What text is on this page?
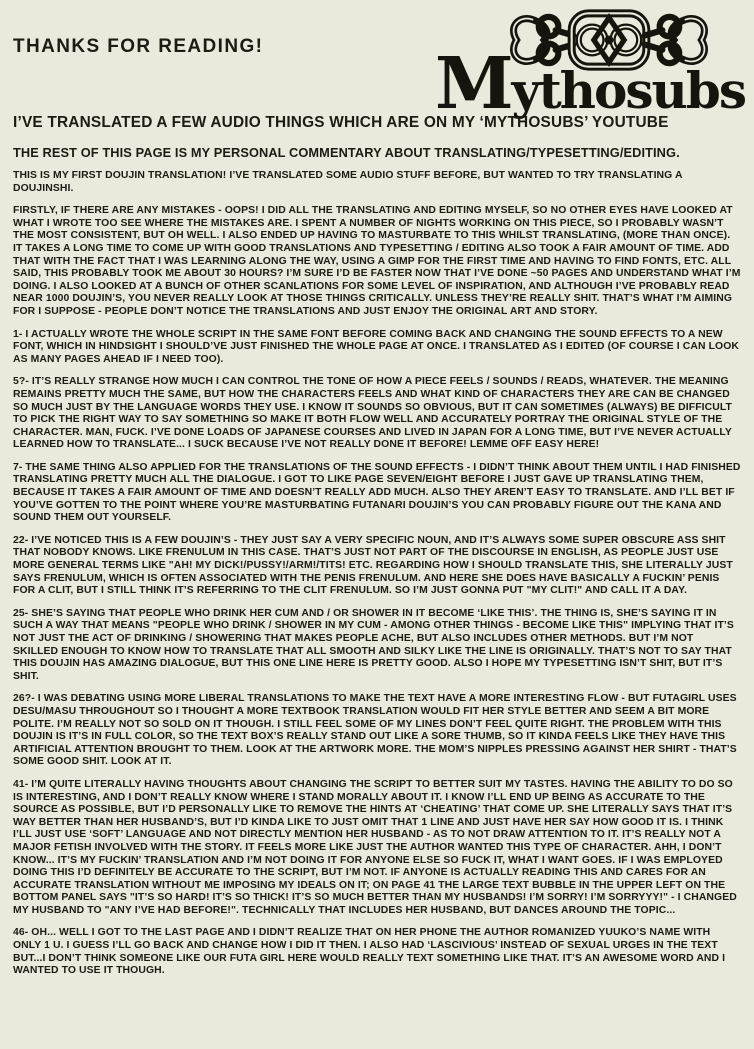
THANKS FOR READING!	Mythosubs
I’VE TRANSLATED A FEW AUDIO THINGS WHICH ARE ON MY ‘MYTHOSUBS’ YOUTUBE
THE REST OF THIS PAGE IS MY PERSONAL COMMENTARY ABOUT TRANSLATING/TYPESETTING/EDITING.

THIS IS MY FIRST DOUJIN TRANSLATION! I’VE TRANSLATED SOME AUDIO STUFF BEFORE, BUT WANTED TO TRY TRANSLATING A DOUJINSHI.

FIRSTLY, IF THERE ARE ANY MISTAKES - OOPS! I DID ALL THE TRANSLATING AND EDITING MYSELF, SO NO OTHER EYES HAVE LOOKED AT WHAT I WROTE TOO SEE WHERE THE MISTAKES ARE. I SPENT A NUMBER OF NIGHTS WORKING ON THIS PIECE, SO I PROBABLY WASN’T THE MOST CONSISTENT, BUT OH WELL. I ALSO ENDED UP HAVING TO MASTURBATE TO THIS WHILST TRANSLATING, (MORE THAN ONCE). IT TAKES A LONG TIME TO COME UP WITH GOOD TRANSLATIONS AND TYPESETTING / EDITING ALSO TOOK A FAIR AMOUNT OF TIME. ADD THAT WITH THE FACT THAT I WAS LEARNING ALONG THE WAY, USING A GIMP FOR THE FIRST TIME AND HAVING TO FIND FONTS, ETC. ALL SAID, THIS PROBABLY TOOK ME ABOUT 30 HOURS? I’M SURE I’D BE FASTER NOW THAT I’VE DONE ~50 PAGES AND UNDERSTAND WHAT I’M DOING. I ALSO LOOKED AT A BUNCH OF OTHER SCANLATIONS FOR SOME LEVEL OF INSPIRATION, AND ALTHOUGH I’VE PROBABLY READ NEAR 1000 DOUJIN’S, YOU NEVER REALLY LOOK AT THOSE THINGS CRITICALLY. UNLESS THEY’RE REALLY SHIT. THAT’S WHAT I’M AIMING FOR I SUPPOSE - PEOPLE DON’T NOTICE THE TRANSLATIONS AND JUST ENJOY THE ORIGINAL ART AND STORY.

1- I ACTUALLY WROTE THE WHOLE SCRIPT IN THE SAME FONT BEFORE COMING BACK AND CHANGING THE SOUND EFFECTS TO A NEW FONT, WHICH IN HINDSIGHT I SHOULD’VE JUST FINISHED THE WHOLE PAGE AT ONCE. I TRANSLATED AS I EDITED (OF COURSE I CAN LOOK AS MANY PAGES AHEAD IF I NEED TOO).

5?- IT’S REALLY STRANGE HOW MUCH I CAN CONTROL THE TONE OF HOW A PIECE FEELS / SOUNDS / READS, WHATEVER. THE MEANING REMAINS PRETTY MUCH THE SAME, BUT HOW THE CHARACTERS FEELS AND WHAT KIND OF CHARACTERS THEY ARE CAN BE CHANGED SO MUCH JUST BY THE LANGUAGE WORDS THEY USE. I KNOW IT SOUNDS SO OBVIOUS, BUT IT CAN SOMETIMES (ALWAYS) BE DIFFICULT TO PICK THE RIGHT WAY TO SAY SOMETHING SO MAKE IT BOTH FLOW WELL AND ACCURATELY PORTRAY THE ORIGINAL STYLE OF THE CHARACTER. MAN, FUCK. I’VE DONE LOADS OF JAPANESE COURSES AND LIVED IN JAPAN FOR A LONG TIME, BUT I’VE NEVER ACTUALLY LEARNED HOW TO TRANSLATE... I SUCK BECAUSE I’VE NOT REALLY DONE IT BEFORE! LEMME OFF EASY HERE!

7- THE SAME THING ALSO APPLIED FOR THE TRANSLATIONS OF THE SOUND EFFECTS - I DIDN’T THINK ABOUT THEM UNTIL I HAD FINISHED TRANSLATING PRETTY MUCH ALL THE DIALOGUE. I GOT TO LIKE PAGE SEVEN/EIGHT BEFORE I JUST GAVE UP TRANSLATING THEM, BECAUSE IT TAKES A FAIR AMOUNT OF TIME AND DOESN’T REALLY ADD MUCH. ALSO THEY AREN’T EASY TO TRANSLATE. AND I’LL BET IF YOU’VE GOTTEN TO THE POINT WHERE YOU’RE MASTURBATING FUTANARI DOUJIN’S YOU CAN PROBABLY FIGURE OUT THE KANA AND SOUND THEM OUT YOURSELF.

22- I’VE NOTICED THIS IS A FEW DOUJIN’S - THEY JUST SAY A VERY SPECIFIC NOUN, AND IT’S ALWAYS SOME SUPER OBSCURE ASS SHIT THAT NOBODY KNOWS. LIKE FRENULUM IN THIS CASE. THAT’S JUST NOT PART OF THE DISCOURSE IN ENGLISH, AS PEOPLE JUST USE MORE GENERAL TERMS LIKE "AH! MY DICK!/PUSSY!/ARM!/TITS! ETC. REGARDING HOW I SHOULD TRANSLATE THIS, SHE LITERALLY JUST SAYS FRENULUM, WHICH IS OFTEN ASSOCIATED WITH THE PENIS FRENULUM. AND HERE SHE DOES HAVE BASICALLY A FUCKIN’ PENIS FOR A CLIT, BUT I STILL THINK IT’S REFERRING TO THE CLIT FRENULUM. SO I’M JUST GONNA PUT "MY CLIT!" AND CALL IT A DAY.

25- SHE’S SAYING THAT PEOPLE WHO DRINK HER CUM AND / OR SHOWER IN IT BECOME ‘LIKE THIS’. THE THING IS, SHE’S SAYING IT IN SUCH A WAY THAT MEANS "PEOPLE WHO DRINK / SHOWER IN MY CUM - AMONG OTHER THINGS - BECOME LIKE THIS" IMPLYING THAT IT’S NOT JUST THE ACT OF DRINKING / SHOWERING THAT MAKES PEOPLE ACHE, BUT ALSO INCLUDES OTHER METHODS. BUT I’M NOT SKILLED ENOUGH TO KNOW HOW TO TRANSLATE THAT ALL SMOOTH AND SILKY LIKE THE LINE IS ORIGINALLY. THAT’S NOT TO SAY THAT THIS DOUJIN HAS AMAZING DIALOGUE, BUT THIS ONE LINE HERE IS PRETTY GOOD. ALSO I HOPE MY TYPESETTING ISN’T SHIT, BUT IT’S SHIT.

26?- I WAS DEBATING USING MORE LIBERAL TRANSLATIONS TO MAKE THE TEXT HAVE A MORE INTERESTING FLOW - BUT FUTAGIRL USES DESU/MASU THROUGHOUT SO I THOUGHT A MORE TEXTBOOK TRANSLATION WOULD FIT HER STYLE BETTER AND SEEM A BIT MORE POLITE. I’M REALLY NOT SO SOLD ON IT THOUGH. I STILL FEEL SOME OF MY LINES DON’T FEEL QUITE RIGHT. THE PROBLEM WITH THIS DOUJIN IS IT’S IN FULL COLOR, SO THE TEXT BOX’S REALLY STAND OUT LIKE A SORE THUMB, SO IT KINDA FEELS LIKE THEY HAVE THIS ARTIFICIAL ATTENTION BROUGHT TO THEM. LOOK AT THE ARTWORK MORE. THE MOM’S NIPPLES PRESSING AGAINST HER SHIRT - THAT’S SOME GOOD SHIT. LOOK AT IT.

41- I’M QUITE LITERALLY HAVING THOUGHTS ABOUT CHANGING THE SCRIPT TO BETTER SUIT MY TASTES. HAVING THE ABILITY TO DO SO IS INTERESTING, AND I DON’T REALLY KNOW WHERE I STAND MORALLY ABOUT IT. I KNOW I’LL END UP BEING AS ACCURATE TO THE SOURCE AS POSSIBLE, BUT I’D PERSONALLY LIKE TO REMOVE THE HINTS AT ‘CHEATING’ THAT COME UP. SHE LITERALLY SAYS THAT IT’S WAY BETTER THAN HER HUSBAND’S, BUT I’D KINDA LIKE TO JUST OMIT THAT 1 LINE AND JUST HAVE HER SAY HOW GOOD IT IS. I THINK I’LL JUST USE ‘SOFT’ LANGUAGE AND NOT DIRECTLY MENTION HER HUSBAND - AS TO NOT DRAW ATTENTION TO IT. IT’S REALLY NOT A MAJOR FETISH INVOLVED WITH THE STORY. IT FEELS MORE LIKE JUST THE AUTHOR WANTED THIS TYPE OF CHARACTER. AHH, I DON’T KNOW... IT’S MY FUCKIN’ TRANSLATION AND I’M NOT DOING IT FOR ANYONE ELSE SO FUCK IT, WHAT I WANT GOES. IF I WAS EMPLOYED DOING THIS I’D DEFINITELY BE ACCURATE TO THE SCRIPT, BUT I’M NOT. IF ANYONE IS ACTUALLY READING THIS AND CARES FOR AN ACCURATE TRANSLATION WITHOUT ME IMPOSING MY IDEALS ON IT; ON PAGE 41 THE LARGE TEXT BUBBLE IN THE UPPER LEFT ON THE BOTTOM PANEL SAYS "IT’S SO HARD! IT’S SO THICK! IT’S SO MUCH BETTER THAN MY HUSBANDS! I’M SORRY! I’M SORRYYY!" - I CHANGED MY HUSBAND TO "ANY I’VE HAD BEFORE!". TECHNICALLY THAT INCLUDES HER HUSBAND, BUT DANCES AROUND THE TOPIC...

46- OH... WELL I GOT TO THE LAST PAGE AND I DIDN’T REALIZE THAT ON HER PHONE THE AUTHOR ROMANIZED YUUKO’S NAME WITH ONLY 1 U. I GUESS I’LL GO BACK AND CHANGE HOW I DID IT THEN. I ALSO HAD ‘LASCIVIOUS’ INSTEAD OF SEXUAL URGES IN THE TEXT BUT...I DON’T THINK SOMEONE LIKE OUR FUTA GIRL HERE WOULD REALLY TEXT SOMETHING LIKE THAT. IT’S AN AWESOME WORD AND I WANTED TO USE IT THOUGH.
